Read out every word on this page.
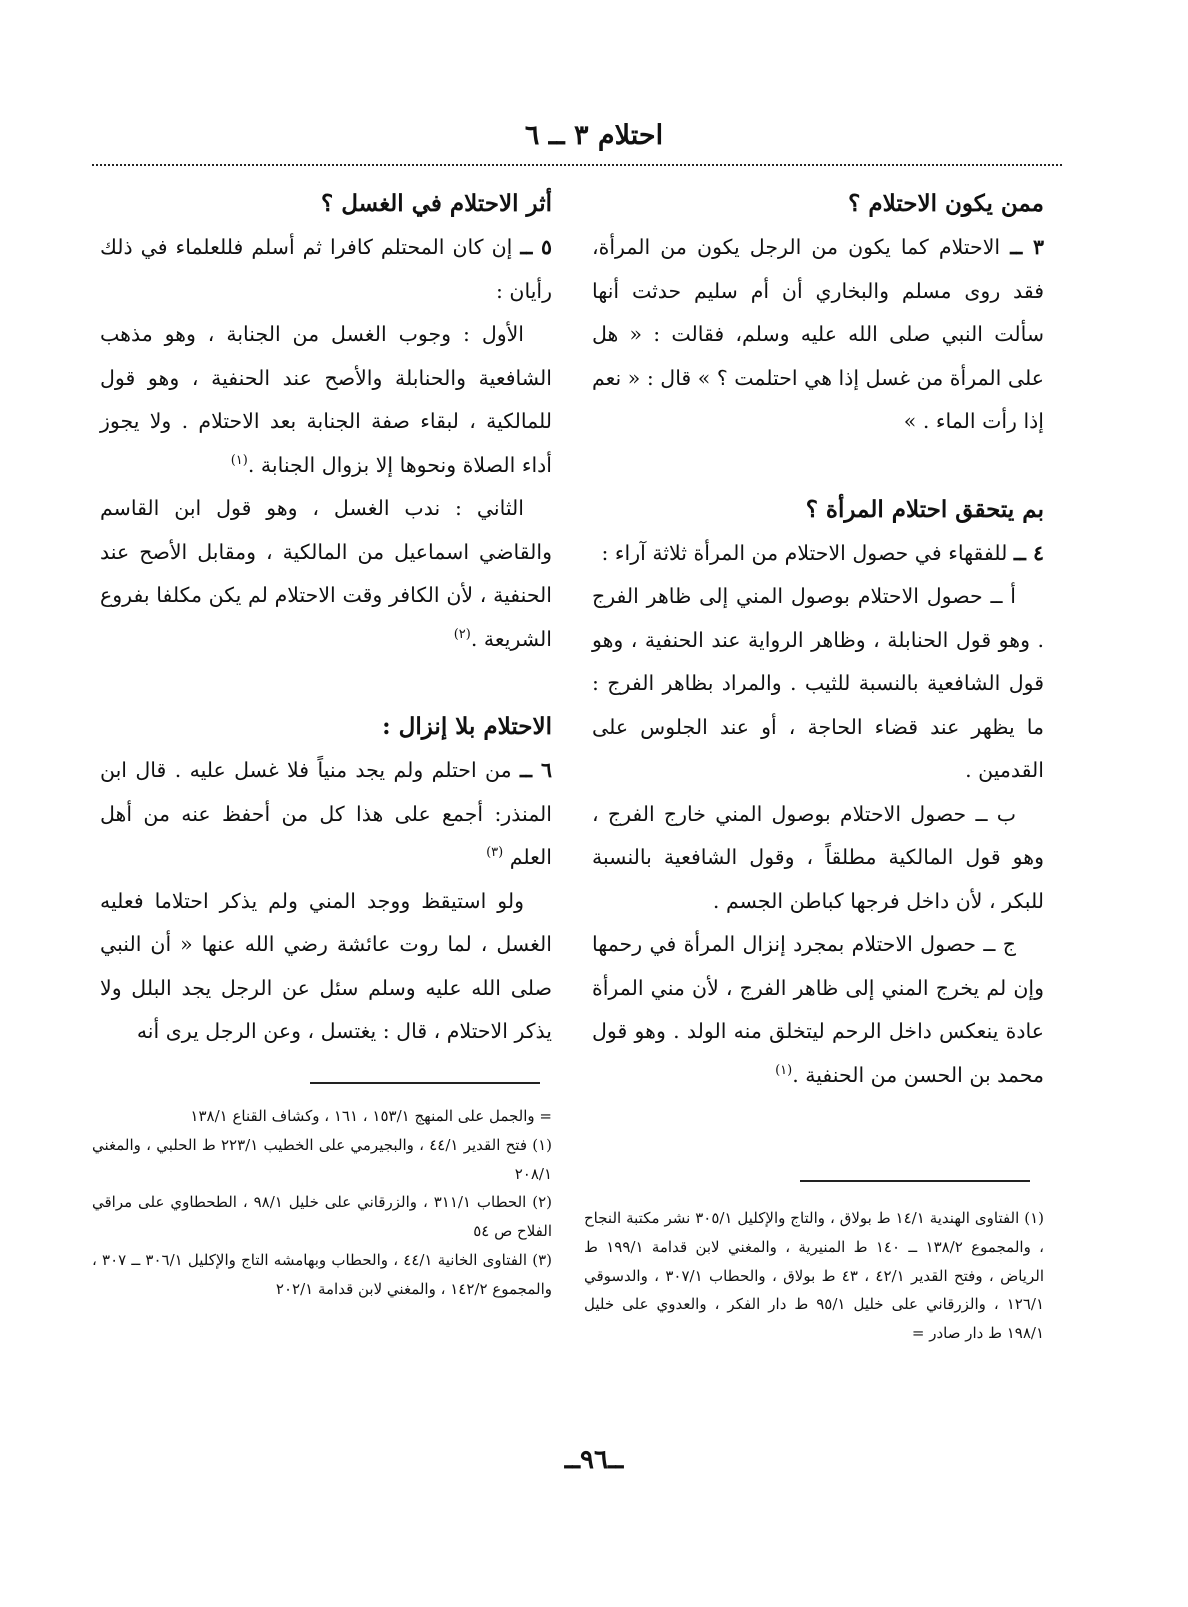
احتلام ٣ ــ ٦

ممن يكون الاحتلام ؟

٣ ــ الاحتلام كما يكون من الرجل يكون من المرأة، فقد روى مسلم والبخاري أن أم سليم حدثت أنها سألت النبي صلى الله عليه وسلم، فقالت : « هل على المرأة من غسل إذا هي احتلمت ؟ » قال : « نعم إذا رأت الماء . »

بم يتحقق احتلام المرأة ؟

٤ ــ للفقهاء في حصول الاحتلام من المرأة ثلاثة آراء :

أ ــ حصول الاحتلام بوصول المني إلى ظاهر الفرج . وهو قول الحنابلة ، وظاهر الرواية عند الحنفية ، وهو قول الشافعية بالنسبة للثيب . والمراد بظاهر الفرج : ما يظهر عند قضاء الحاجة ، أو عند الجلوس على القدمين .

ب ــ حصول الاحتلام بوصول المني خارج الفرج ، وهو قول المالكية مطلقاً ، وقول الشافعية بالنسبة للبكر ، لأن داخل فرجها كباطن الجسم .

ج ــ حصول الاحتلام بمجرد إنزال المرأة في رحمها وإن لم يخرج المني إلى ظاهر الفرج ، لأن مني المرأة عادة ينعكس داخل الرحم ليتخلق منه الولد . وهو قول محمد بن الحسن من الحنفية .$^{(١)}$

أثر الاحتلام في الغسل ؟

٥ ــ إن كان المحتلم كافرا ثم أسلم فللعلماء في ذلك رأيان :

الأول : وجوب الغسل من الجنابة ، وهو مذهب الشافعية والحنابلة والأصح عند الحنفية ، وهو قول للمالكية ، لبقاء صفة الجنابة بعد الاحتلام . ولا يجوز أداء الصلاة ونحوها إلا بزوال الجنابة .$^{(١)}$

الثاني : ندب الغسل ، وهو قول ابن القاسم والقاضي اسماعيل من المالكية ، ومقابل الأصح عند الحنفية ، لأن الكافر وقت الاحتلام لم يكن مكلفا بفروع الشريعة .$^{(٢)}$

الاحتلام بلا إنزال :

٦ ــ من احتلم ولم يجد منياً فلا غسل عليه . قال ابن المنذر: أجمع على هذا كل من أحفظ عنه من أهل العلم $^{(٣)}$

ولو استيقظ ووجد المني ولم يذكر احتلاما فعليه الغسل ، لما روت عائشة رضي الله عنها « أن النبي صلى الله عليه وسلم سئل عن الرجل يجد البلل ولا يذكر الاحتلام ، قال : يغتسل ، وعن الرجل يرى أنه

= والجمل على المنهج ١٥٣/١ ، ١٦١ ، وكشاف القناع ١٣٨/١

(١) فتح القدير ٤٤/١ ، والبجيرمي على الخطيب ٢٢٣/١ ط الحلبي ، والمغني ٢٠٨/١

(٢) الحطاب ٣١١/١ ، والزرقاني على خليل ٩٨/١ ، الطحطاوي على مراقي الفلاح ص ٥٤

(٣) الفتاوى الخانية ٤٤/١ ، والحطاب وبهامشه التاج والإكليل ٣٠٦/١ ــ ٣٠٧ ، والمجموع ١٤٢/٢ ، والمغني لابن قدامة ٢٠٢/١

(١) الفتاوى الهندية ١٤/١ ط بولاق ، والتاج والإكليل ٣٠٥/١ نشر مكتبة النجاح ، والمجموع ١٣٨/٢ ــ ١٤٠ ط المنيرية ، والمغني لابن قدامة ١٩٩/١ ط الرياض ، وفتح القدير ٤٢/١ ، ٤٣ ط بولاق ، والحطاب ٣٠٧/١ ، والدسوقي ١٢٦/١ ، والزرقاني على خليل ٩٥/١ ط دار الفكر ، والعدوي على خليل ١٩٨/١ ط دار صادر =

ــ٩٦ــ
